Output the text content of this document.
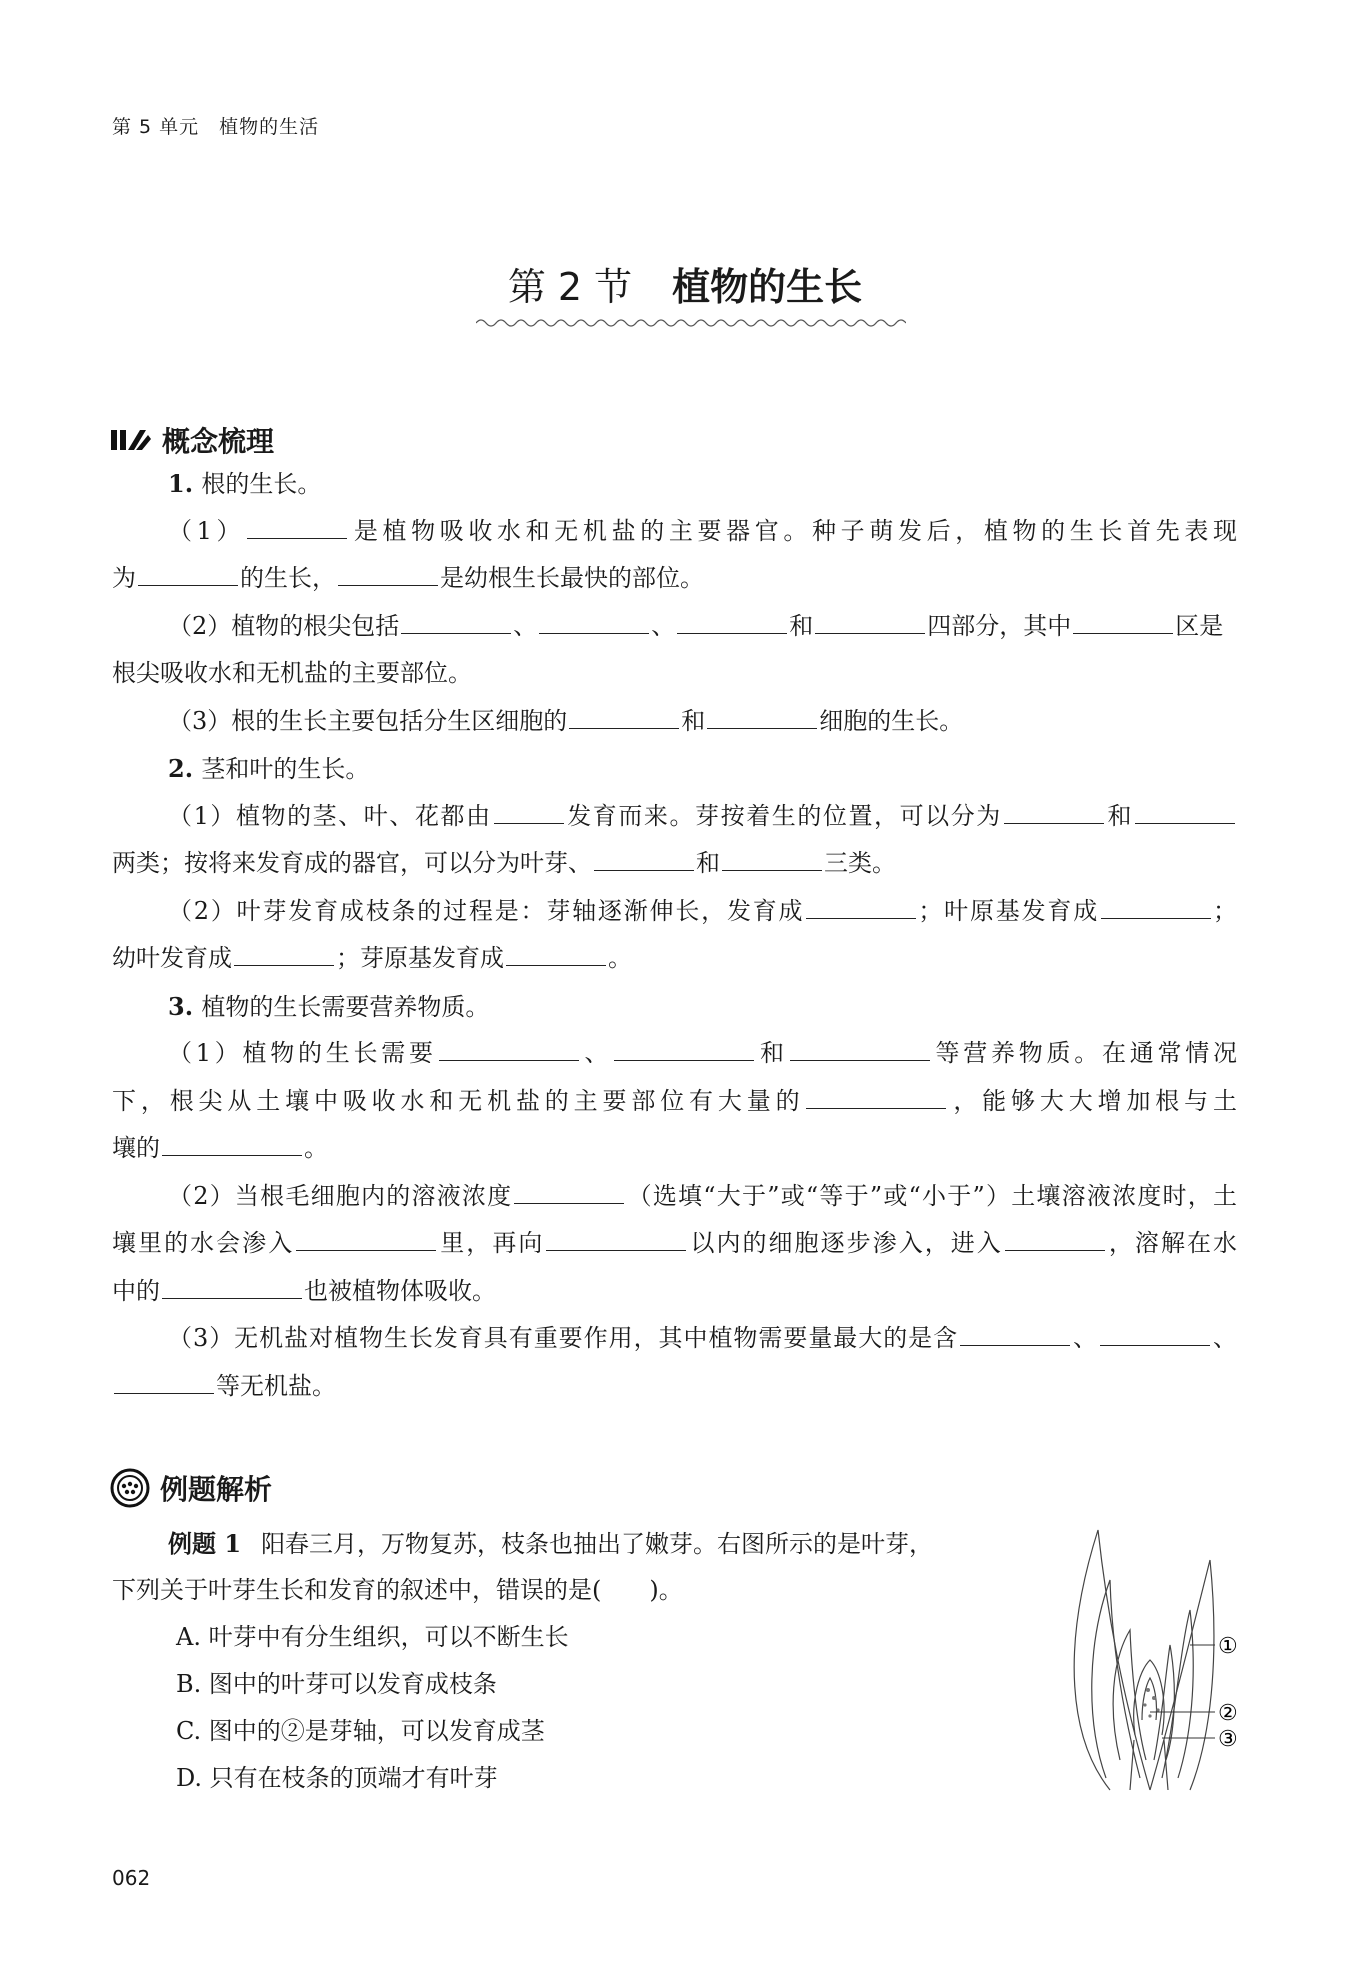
第 5 单元　植物的生活
第 2 节 植物的生长
概念梳理
1. 根的生长。
（1）	是植物吸收水和无机盐的主要器官。种子萌发后，植物的生长首先表现
为	的生长，	是幼根生长最快的部位。
（2）植物的根尖包括	、	、	和	四部分，其中	区是
根尖吸收水和无机盐的主要部位。
（3）根的生长主要包括分生区细胞的	和	细胞的生长。
2. 茎和叶的生长。
（1）植物的茎、叶、花都由	发育而来。芽按着生的位置，可以分为	和
两类；按将来发育成的器官，可以分为叶芽、	和	三类。
（2）叶芽发育成枝条的过程是：芽轴逐渐伸长，发育成	；叶原基发育成	；
幼叶发育成	；芽原基发育成	。
3. 植物的生长需要营养物质。
（1）植物的生长需要	、	和	等营养物质。在通常情况
下，根尖从土壤中吸收水和无机盐的主要部位有大量的	，能够大大增加根与土
壤的	。
（2）当根毛细胞内的溶液浓度	（选填“大于”或“等于”或“小于”）土壤溶液浓度时，土
壤里的水会渗入	里，再向	以内的细胞逐步渗入，进入	，溶解在水
中的	也被植物体吸收。
（3）无机盐对植物生长发育具有重要作用，其中植物需要量最大的是含	、	、
等无机盐。
例题解析
例题 1 阳春三月，万物复苏，枝条也抽出了嫩芽。右图所示的是叶芽，
下列关于叶芽生长和发育的叙述中，错误的是(　　)。
A. 叶芽中有分生组织，可以不断生长
B. 图中的叶芽可以发育成枝条
C. 图中的②是芽轴，可以发育成茎
D. 只有在枝条的顶端才有叶芽
①
②
③
062
